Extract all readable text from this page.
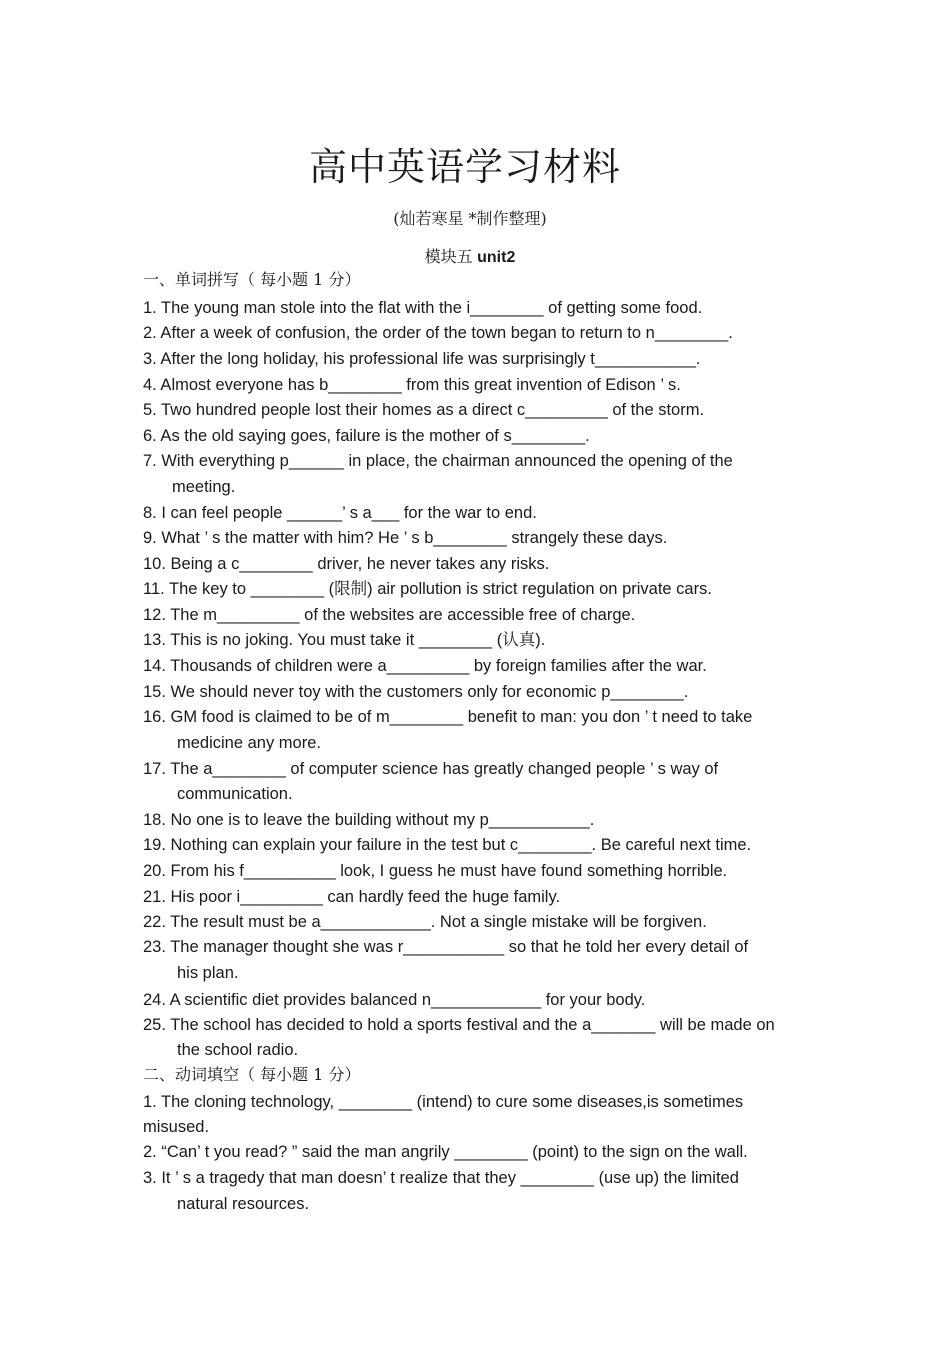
高中英语学习材料
(灿若寒星 *制作整理)
模块五 unit2
一、单词拼写（ 每小题 1 分）
1. The young man stole into the flat with the i________ of getting some food.
2. After a week of confusion, the order of the town began to return to n________.
3. After the long holiday, his professional life was surprisingly t___________.
4. Almost everyone has b________ from this great invention of Edison ’ s.
5. Two hundred people lost their homes as a direct c_________ of the storm.
6. As the old saying goes, failure is the mother of s________.
7. With everything p______ in place, the chairman announced the opening of the
meeting.
8. I can feel people ______’ s a___ for the war to end.
9. What ’ s the matter with him? He ’ s b________ strangely these days.
10. Being a c________ driver, he never takes any risks.
11. The key to ________ (限制) air pollution is strict regulation on private cars.
12. The m_________ of the websites are accessible free of charge.
13. This is no joking. You must take it ________ (认真).
14. Thousands of children were a_________ by foreign families after the war.
15. We should never toy with the customers only for economic p________.
16. GM food is claimed to be of m________ benefit to man: you don ’ t need to take
medicine any more.
17. The a________ of computer science has greatly changed people ’ s way of
communication.
18. No one is to leave the building without my p___________.
19. Nothing can explain your failure in the test but c________. Be careful next time.
20. From his f__________ look, I guess he must have found something horrible.
21. His poor i_________ can hardly feed the huge family.
22. The result must be a____________. Not a single mistake will be forgiven.
23. The manager thought she was r___________ so that he told her every detail of
his plan.
24. A scientific diet provides balanced n____________ for your body.
25. The school has decided to hold a sports festival and the a_______ will be made on
the school radio.
二、动词填空（ 每小题 1 分）
1. The cloning technology, ________ (intend) to cure some diseases,is sometimes
misused.
2. “Can’ t you read? ” said the man angrily ________ (point) to the sign on the wall.
3. It ’ s a tragedy that man doesn’ t realize that they ________ (use up) the limited
natural resources.
